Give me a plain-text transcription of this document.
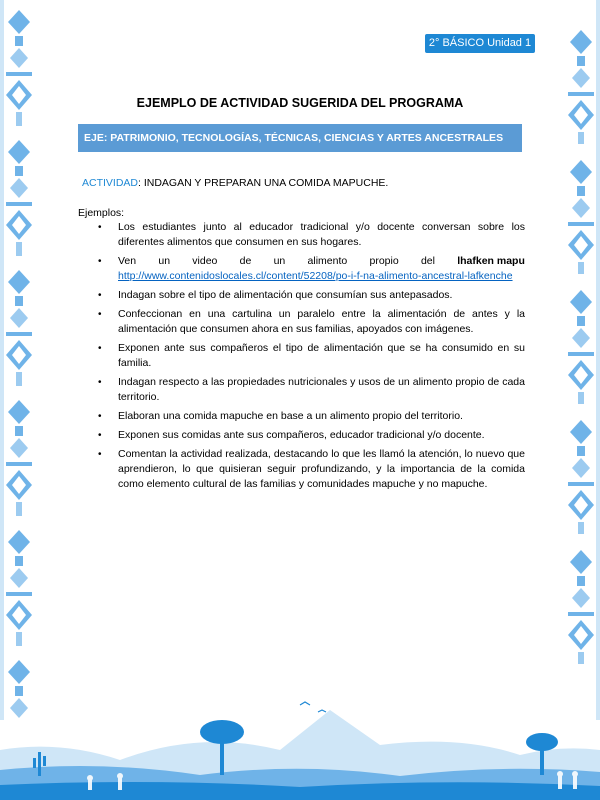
2° BÁSICO Unidad 1
EJEMPLO DE ACTIVIDAD SUGERIDA DEL PROGRAMA
EJE: PATRIMONIO, TECNOLOGÍAS, TÉCNICAS, CIENCIAS Y ARTES ANCESTRALES
ACTIVIDAD: INDAGAN Y PREPARAN UNA COMIDA MAPUCHE.
Ejemplos:
• Los estudiantes junto al educador tradicional y/o docente conversan sobre los diferentes alimentos que consumen en sus hogares.
• Ven un video de un alimento propio del lhafken mapu
http://www.contenidoslocales.cl/content/52208/po-i-f-na-alimento-ancestral-lafkenche
• Indagan sobre el tipo de alimentación que consumían sus antepasados.
• Confeccionan en una cartulina un paralelo entre la alimentación de antes y la alimentación que consumen ahora en sus familias, apoyados con imágenes.
• Exponen ante sus compañeros el tipo de alimentación que se ha consumido en su familia.
• Indagan respecto a las propiedades nutricionales y usos de un alimento propio de cada territorio.
• Elaboran una comida mapuche en base a un alimento propio del territorio.
• Exponen sus comidas ante sus compañeros, educador tradicional y/o docente.
• Comentan la actividad realizada, destacando lo que les llamó la atención, lo nuevo que aprendieron, lo que quisieran seguir profundizando, y la importancia de la comida como elemento cultural de las familias y comunidades mapuche y no mapuche.
